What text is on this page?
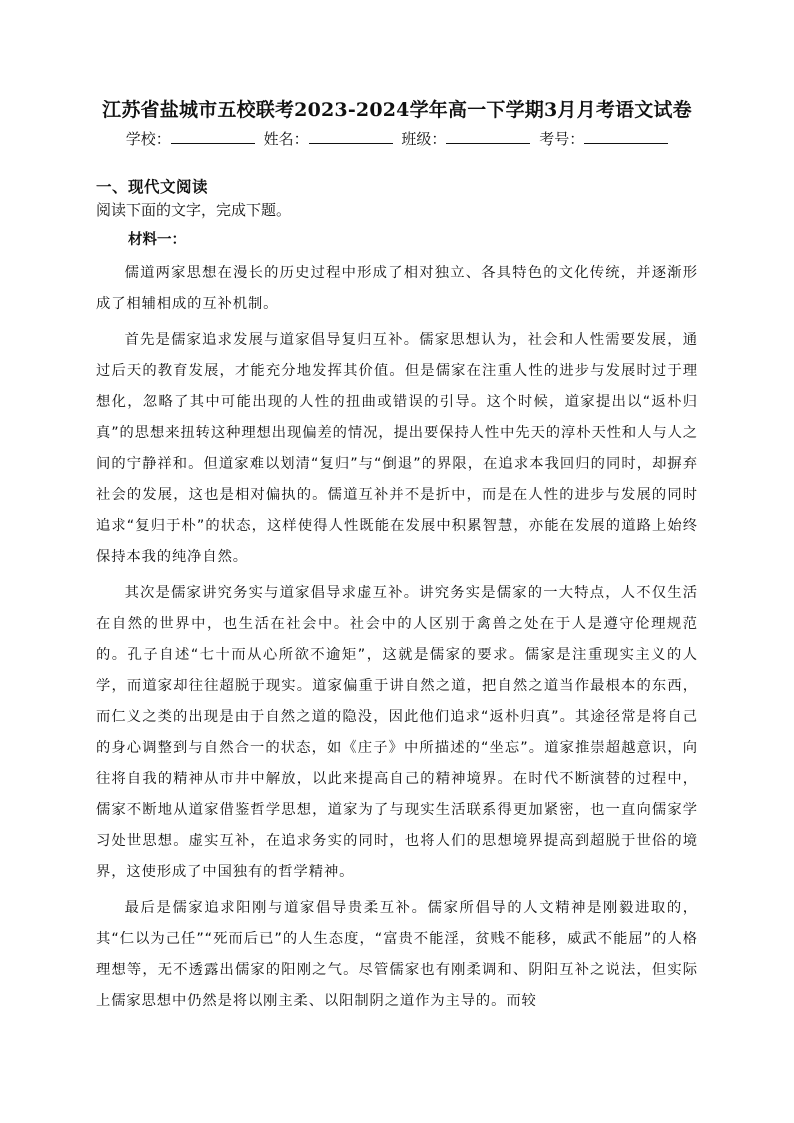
江苏省盐城市五校联考2023-2024学年高一下学期3月月考语文试卷
学校：	姓名：	班级：	考号：
一、现代文阅读
阅读下面的文字，完成下题。
材料一：

儒道两家思想在漫长的历史过程中形成了相对独立、各具特色的文化传统，并逐渐形成了相辅相成的互补机制。

首先是儒家追求发展与道家倡导复归互补。儒家思想认为，社会和人性需要发展，通过后天的教育发展，才能充分地发挥其价值。但是儒家在注重人性的进步与发展时过于理想化，忽略了其中可能出现的人性的扭曲或错误的引导。这个时候，道家提出以“返朴归真”的思想来扭转这种理想出现偏差的情况，提出要保持人性中先天的淳朴天性和人与人之间的宁静祥和。但道家难以划清“复归”与“倒退”的界限，在追求本我回归的同时，却摒弃社会的发展，这也是相对偏执的。儒道互补并不是折中，而是在人性的进步与发展的同时追求“复归于朴”的状态，这样使得人性既能在发展中积累智慧，亦能在发展的道路上始终保持本我的纯净自然。

其次是儒家讲究务实与道家倡导求虚互补。讲究务实是儒家的一大特点，人不仅生活在自然的世界中，也生活在社会中。社会中的人区别于禽兽之处在于人是遵守伦理规范的。孔子自述“七十而从心所欲不逾矩”，这就是儒家的要求。儒家是注重现实主义的人学，而道家却往往超脱于现实。道家偏重于讲自然之道，把自然之道当作最根本的东西，而仁义之类的出现是由于自然之道的隐没，因此他们追求“返朴归真”。其途径常是将自己的身心调整到与自然合一的状态，如《庄子》中所描述的“坐忘”。道家推崇超越意识，向往将自我的精神从市井中解放，以此来提高自己的精神境界。在时代不断演替的过程中，儒家不断地从道家借鉴哲学思想，道家为了与现实生活联系得更加紧密，也一直向儒家学习处世思想。虚实互补，在追求务实的同时，也将人们的思想境界提高到超脱于世俗的境界，这使形成了中国独有的哲学精神。

最后是儒家追求阳刚与道家倡导贵柔互补。儒家所倡导的人文精神是刚毅进取的，其“仁以为己任”“死而后已”的人生态度，“富贵不能淫，贫贱不能移，威武不能屈”的人格理想等，无不透露出儒家的阳刚之气。尽管儒家也有刚柔调和、阴阳互补之说法，但实际上儒家思想中仍然是将以刚主柔、以阳制阴之道作为主导的。而较
